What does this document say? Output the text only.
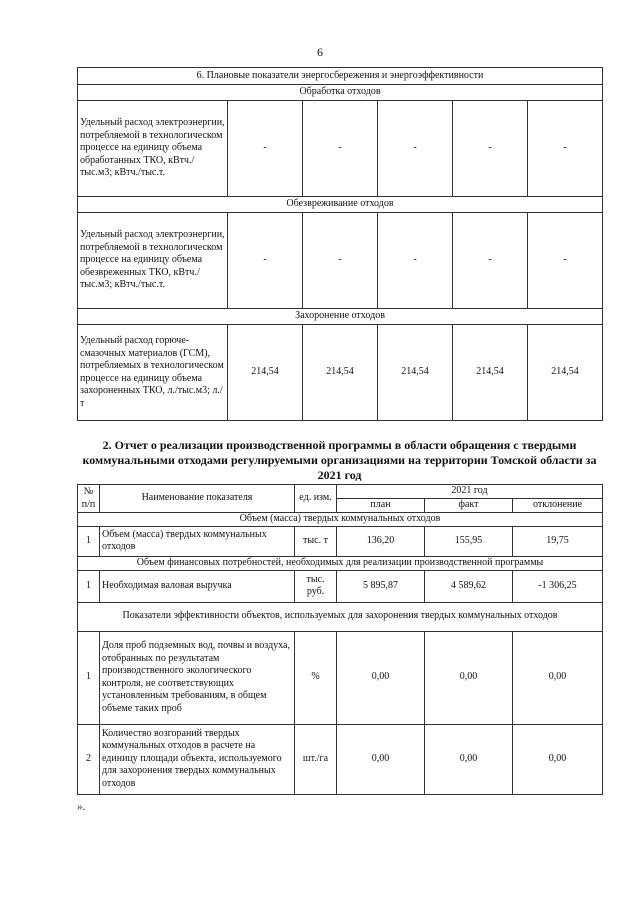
6
6. Плановые показатели энергосбережения и энергоэффективности					
Обработка отходов					
Удельный расход электроэнергии, потребляемой в технологическом процессе на единицу объема обработанных ТКО, кВтч./тыс.м3; кВтч./тыс.т.	-	-	-	-	-
Обезвреживание отходов					
Удельный расход электроэнергии, потребляемой в технологическом процессе на единицу объема обезвреженных ТКО, кВтч./тыс.м3; кВтч./тыс.т.	-	-	-	-	-
Захоронение отходов					
Удельный расход горюче-смазочных материалов (ГСМ), потребляемых в технологическом процессе на единицу объема захороненных ТКО, л./тыс.м3; л./т	214,54	214,54	214,54	214,54	214,54
2. Отчет о реализации производственной программы в области обращения с твердыми коммунальными отходами регулируемыми организациями на территории Томской области за 2021 год
№ п/п	Наименование показателя	ед. изм.	2021 год		
			план	факт	отклонение
Объем (масса) твердых коммунальных отходов					
1	Объем (масса) твердых коммунальных отходов	тыс. т	136,20	155,95	19,75
Объем финансовых потребностей, необходимых для реализации производственной программы					
1	Необходимая валовая выручка	тыс. руб.	5 895,87	4 589,62	-1 306,25
Показатели эффективности объектов, используемых для захоронения твердых коммунальных отходов					
1	Доля проб подземных вод, почвы и воздуха, отобранных по результатам производственного экологического контроля, не соответствующих установленным требованиям, в общем объеме таких проб	%	0,00	0,00	0,00
2	Количество возгораний твердых коммунальных отходов в расчете на единицу площади объекта, используемого для захоронения твердых коммунальных отходов	шт./га	0,00	0,00	0,00
».
